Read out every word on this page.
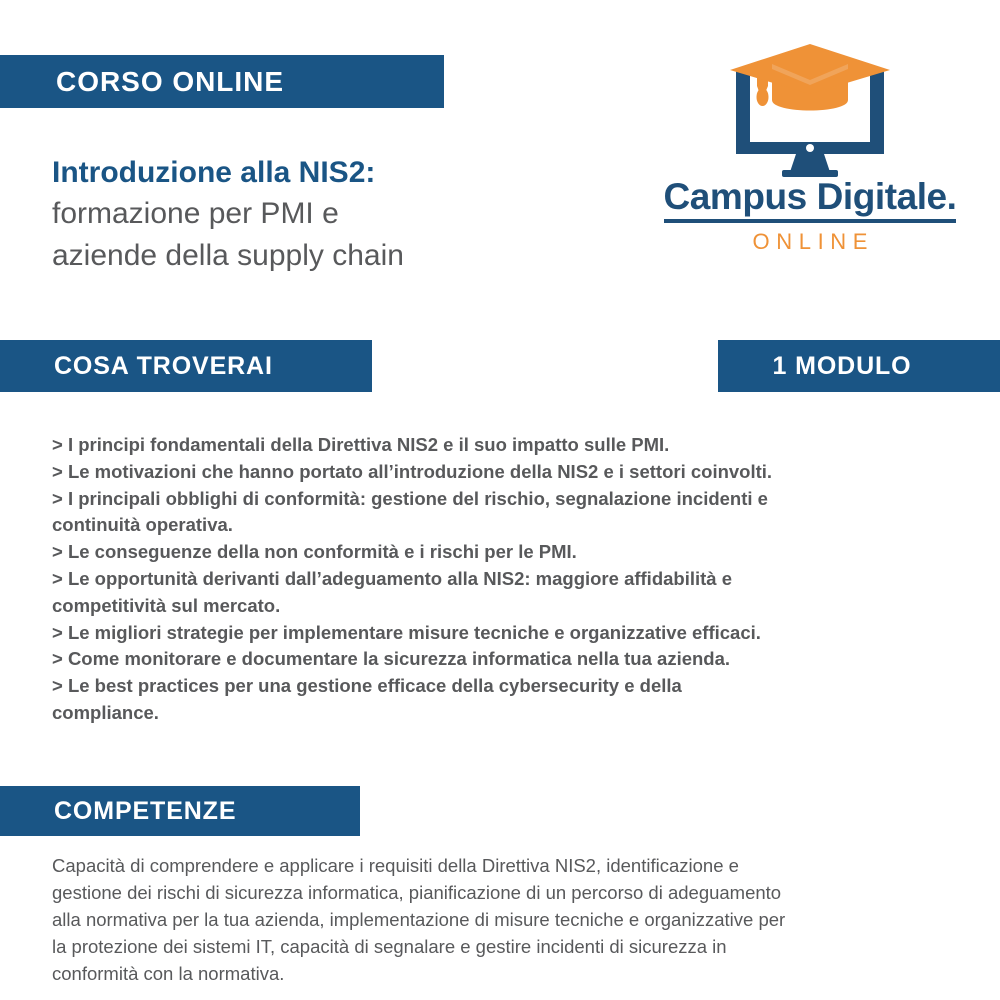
CORSO ONLINE
Introduzione alla NIS2:
formazione per PMI e
aziende della supply chain
Campus Digitale.
ONLINE
COSA TROVERAI	1 MODULO
> I principi fondamentali della Direttiva NIS2 e il suo impatto sulle PMI.
> Le motivazioni che hanno portato all’introduzione della NIS2 e i settori coinvolti.
> I principali obblighi di conformità: gestione del rischio, segnalazione incidenti e
continuità operativa.
> Le conseguenze della non conformità e i rischi per le PMI.
> Le opportunità derivanti dall’adeguamento alla NIS2: maggiore affidabilità e
competitività sul mercato.
> Le migliori strategie per implementare misure tecniche e organizzative efficaci.
> Come monitorare e documentare la sicurezza informatica nella tua azienda.
> Le best practices per una gestione efficace della cybersecurity e della
compliance.
COMPETENZE
Capacità di comprendere e applicare i requisiti della Direttiva NIS2, identificazione e
gestione dei rischi di sicurezza informatica, pianificazione di un percorso di adeguamento
alla normativa per la tua azienda, implementazione di misure tecniche e organizzative per
la protezione dei sistemi IT, capacità di segnalare e gestire incidenti di sicurezza in
conformità con la normativa.
